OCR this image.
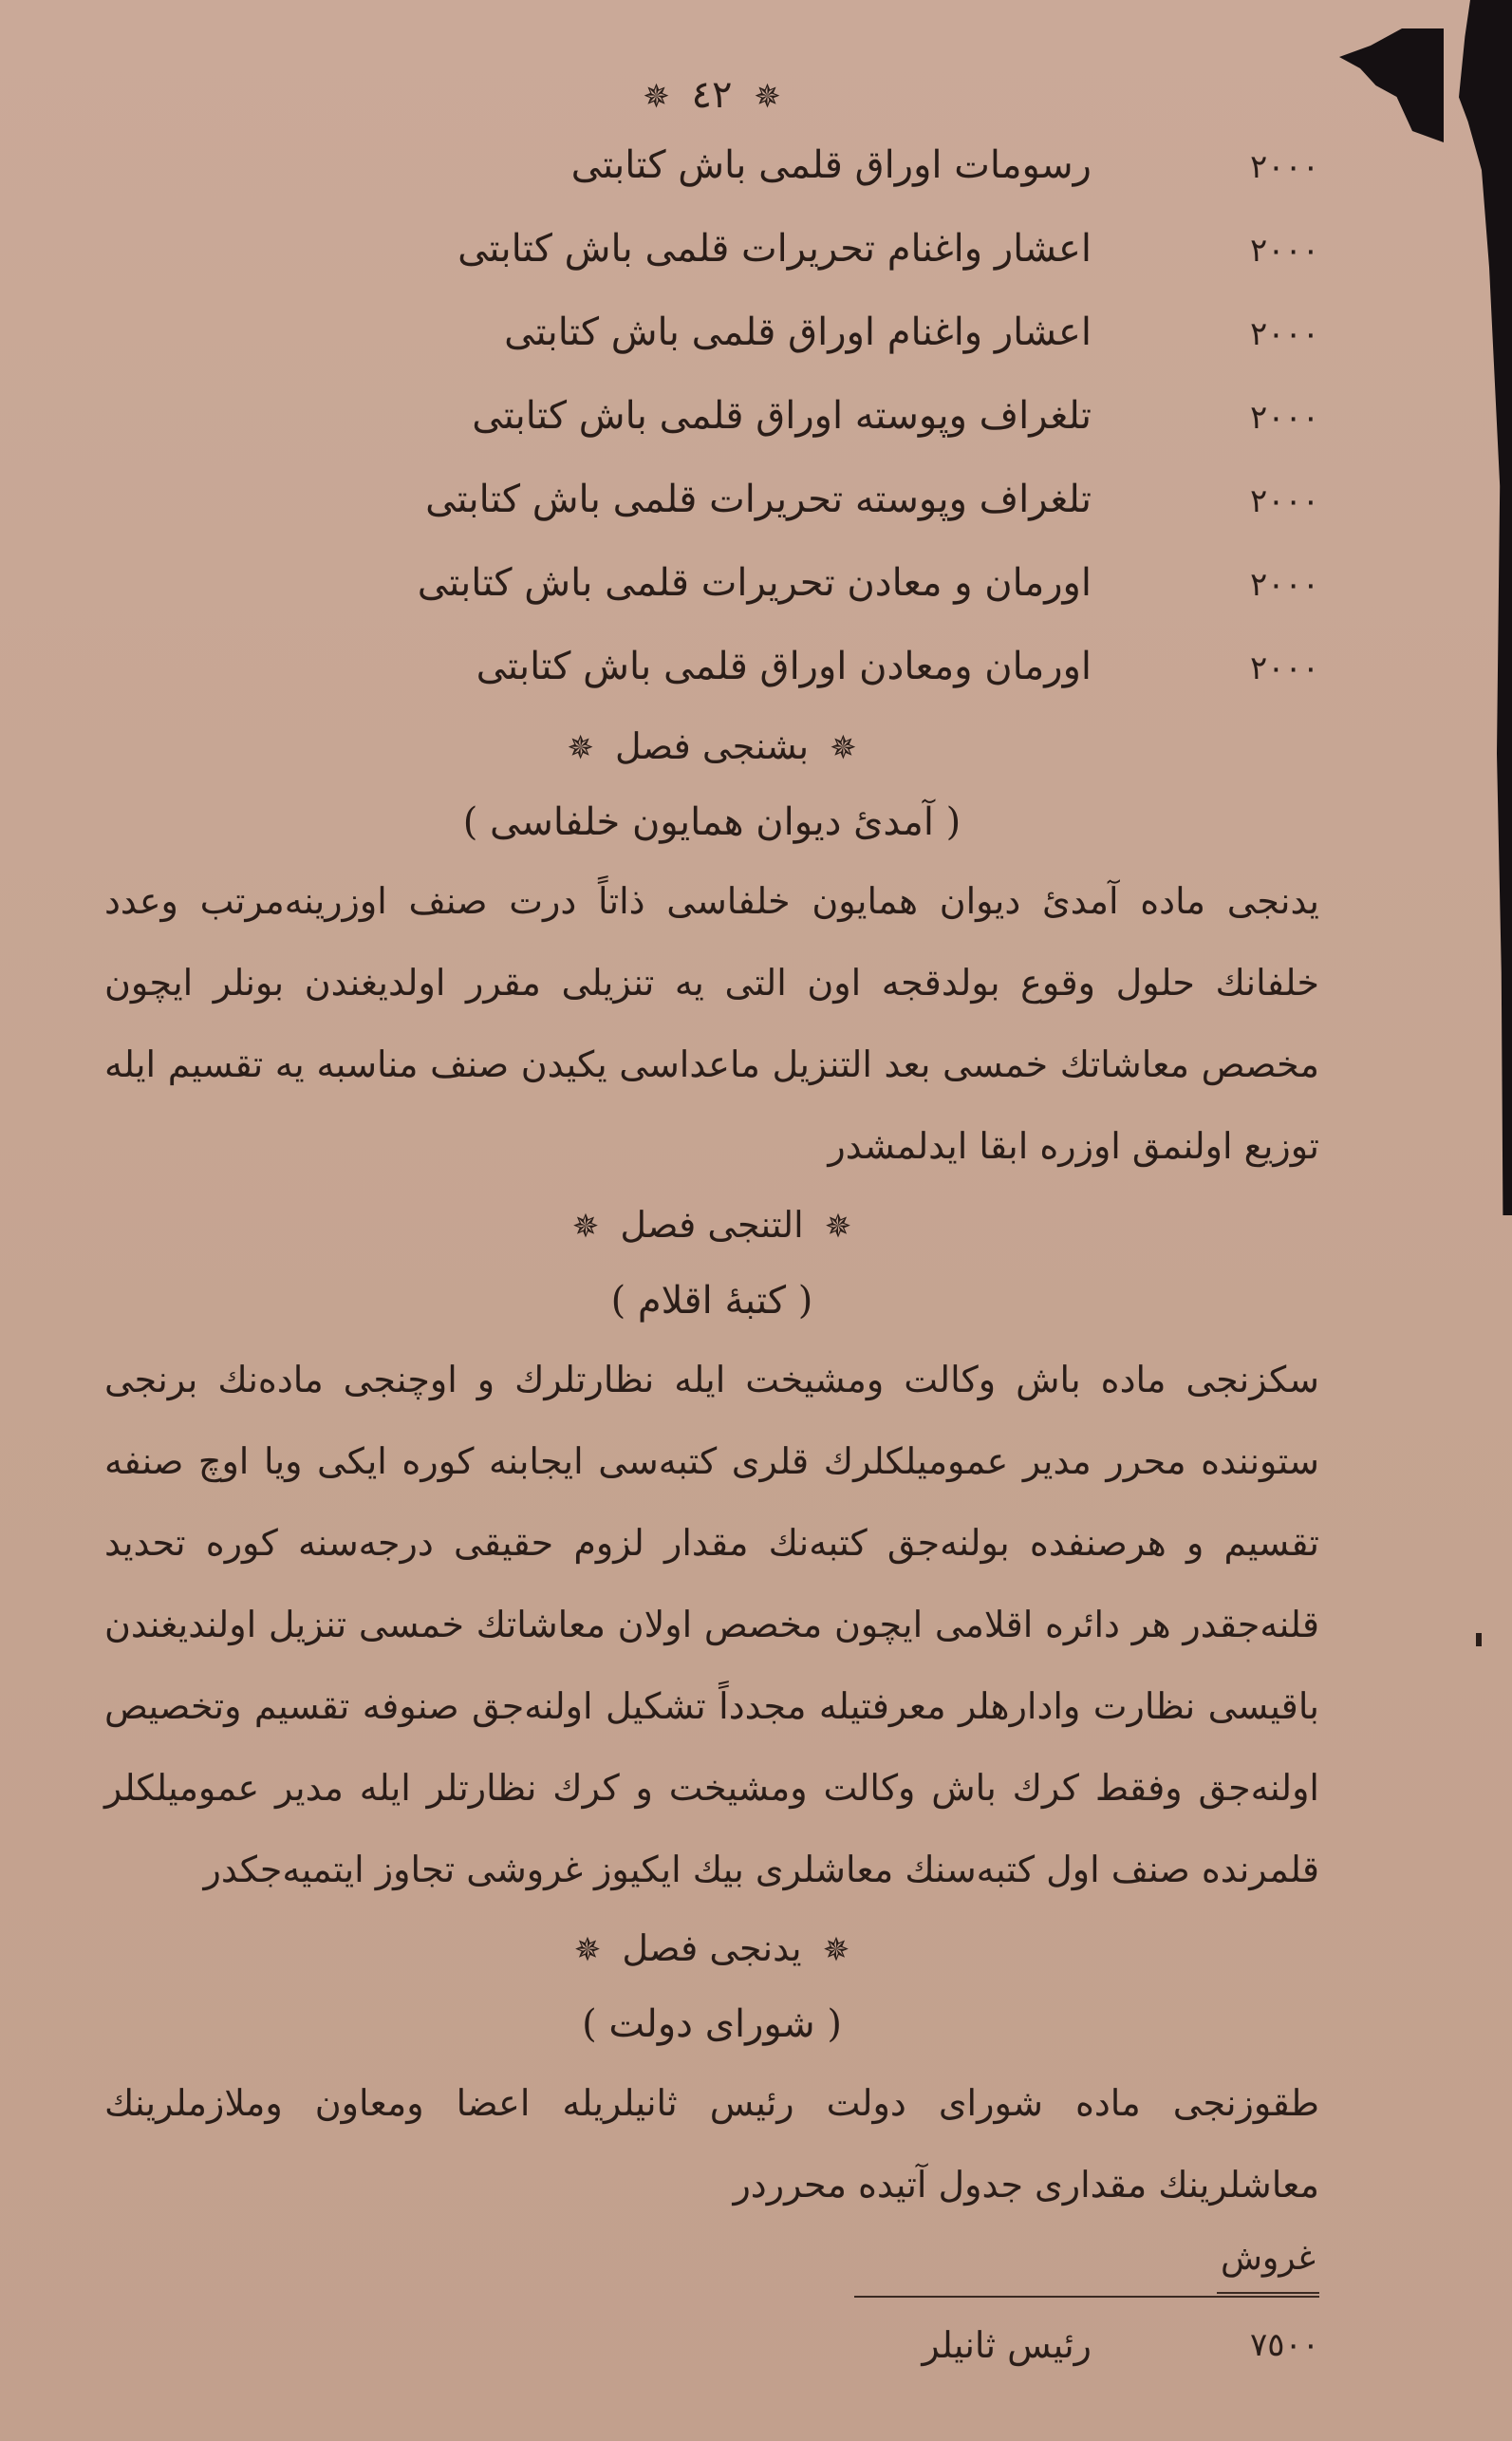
✵ ٤٢ ✵
٢٠٠٠
رسومات اوراق قلمی باش کتابتی
٢٠٠٠
اعشار واغنام تحریرات قلمی باش کتابتی
٢٠٠٠
اعشار واغنام اوراق قلمی باش کتابتی
٢٠٠٠
تلغراف وپوسته اوراق قلمی باش کتابتی
٢٠٠٠
تلغراف وپوسته تحریرات قلمی باش کتابتی
٢٠٠٠
اورمان و معادن تحریرات قلمی باش کتابتی
٢٠٠٠
اورمان ومعادن اوراق قلمی باش کتابتی
✵ بشنجی فصل ✵
( آمدیٔ دیوان همایون خلفاسی )

یدنجی ماده آمدیٔ دیوان همایون خلفاسی ذاتاً درت صنف اوزرینه‌مرتب وعدد خلفانك حلول وقوع بولدقجه اون التی یه تنزیلی مقرر اولدیغندن بونلر ایچون مخصص معاشاتك خمسی بعد التنزیل ماعداسی یکیدن صنف مناسبه یه تقسیم ایله توزیع اولنمق اوزره ابقا ایدلمشدر

✵ التنجی فصل ✵
( کتبهٔ اقلام )

سکزنجی ماده باش وکالت ومشیخت ایله نظارتلرك و اوچنجی ماده‌نك برنجی ستوننده محرر مدیر عمومیلکلرك قلری کتبه‌سی ایجابنه کوره ایکی ویا اوچ صنفه تقسیم و هرصنفده بولنه‌جق کتبه‌نك مقدار لزوم حقیقی درجه‌سنه کوره تحدید قلنه‌جقدر هر دائره اقلامی ایچون مخصص اولان معاشاتك خمسی تنزیل اولندیغندن باقیسی نظارت وادارهلر معرفتیله مجدداً تشکیل اولنه‌جق صنوفه تقسیم وتخصیص اولنه‌جق وفقط کرك باش وکالت ومشیخت و کرك نظارتلر ایله مدیر عمومیلکلر قلمرنده صنف اول کتبه‌سنك معاشلری بیك ایکیوز غروشی تجاوز ایتمیه‌جکدر

✵ یدنجی فصل ✵
( شورای دولت )

طقوزنجی ماده شورای دولت رئیس ثانیلریله اعضا ومعاون وملازملرینك معاشلرینك مقداری جدول آتیده محرردر

غروش
٧٥٠٠
رئیس ثانیلر
